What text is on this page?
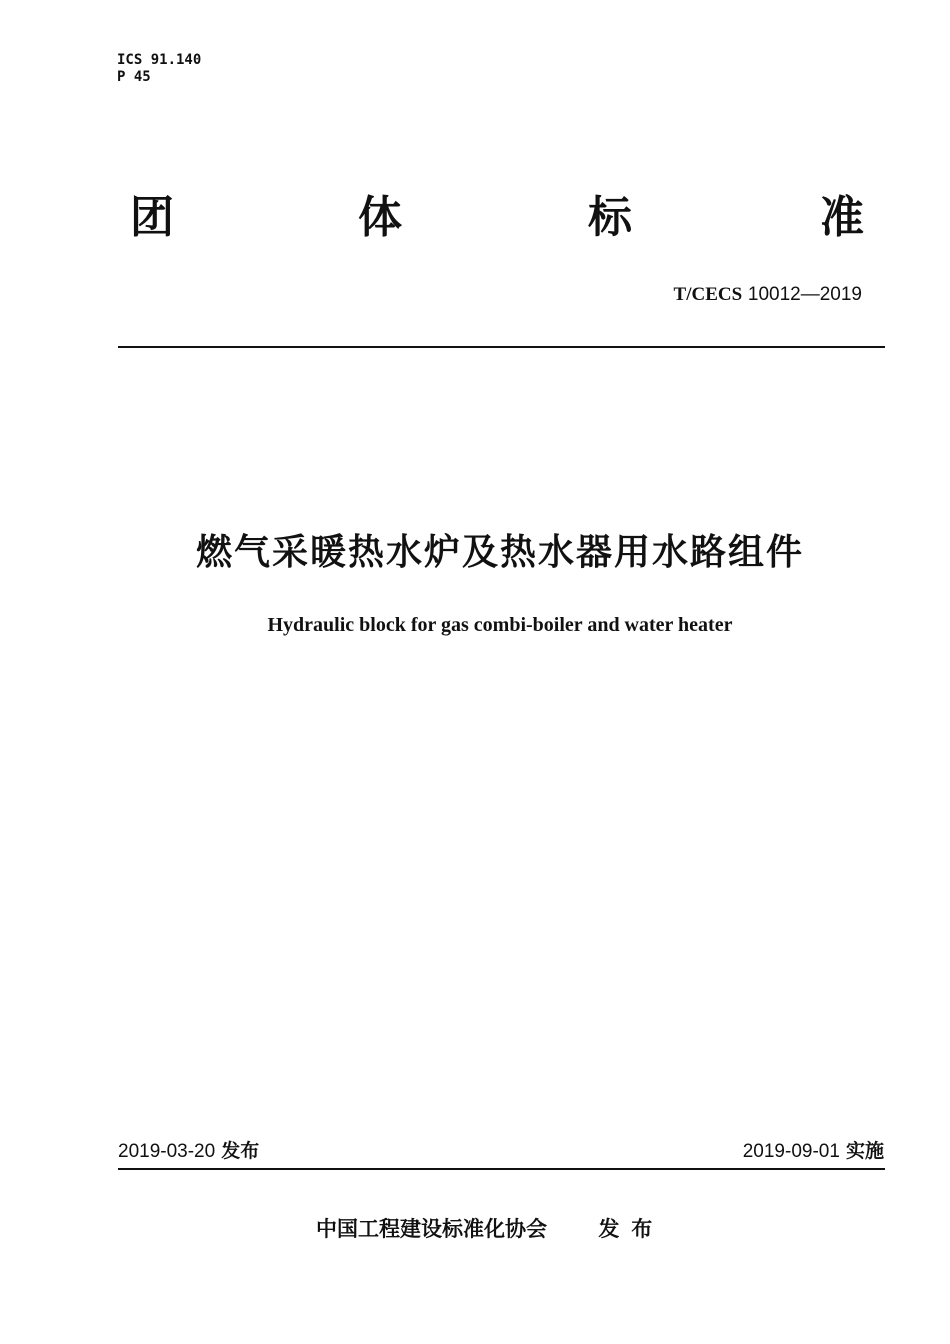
ICS 91.140
P 45
团	体	标	准
T/CECS 10012—2019
燃气采暖热水炉及热水器用水路组件
Hydraulic block for gas combi-boiler and water heater
2019-03-20 发布	2019-09-01 实施
中国工程建设标准化协会 发布
